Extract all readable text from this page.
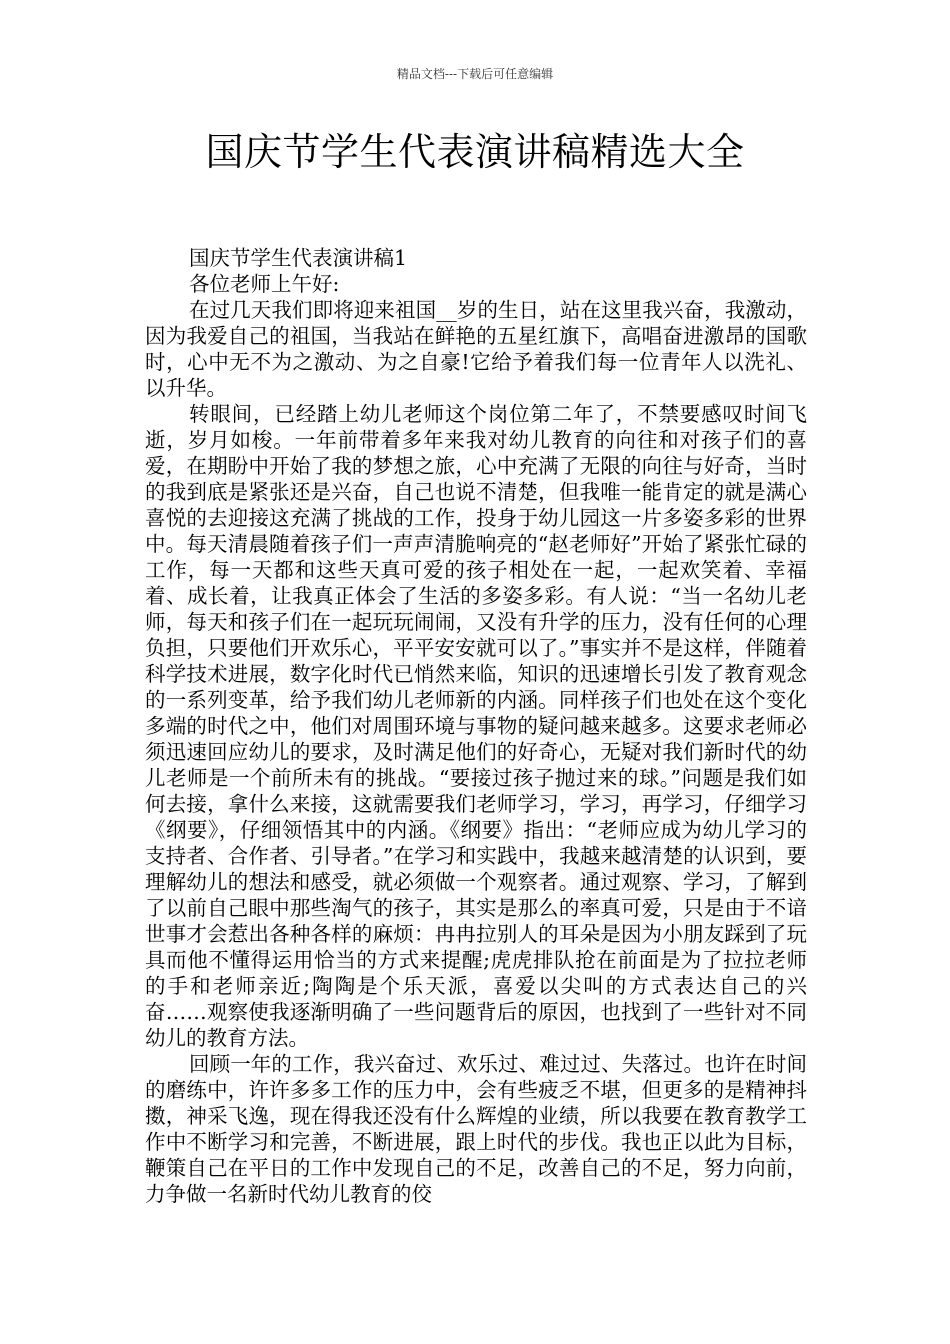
精品文档---下载后可任意编辑
国庆节学生代表演讲稿精选大全

国庆节学生代表演讲稿1

各位老师上午好:

在过几天我们即将迎来祖国__岁的生日，站在这里我兴奋，我激动，因为我爱自己的祖国，当我站在鲜艳的五星红旗下，高唱奋进激昂的国歌时，心中无不为之激动、为之自豪!它给予着我们每一位青年人以洗礼、以升华。

转眼间，已经踏上幼儿老师这个岗位第二年了，不禁要感叹时间飞逝，岁月如梭。一年前带着多年来我对幼儿教育的向往和对孩子们的喜爱，在期盼中开始了我的梦想之旅，心中充满了无限的向往与好奇，当时的我到底是紧张还是兴奋，自己也说不清楚，但我唯一能肯定的就是满心喜悦的去迎接这充满了挑战的工作，投身于幼儿园这一片多姿多彩的世界中。每天清晨随着孩子们一声声清脆响亮的“赵老师好”开始了紧张忙碌的工作，每一天都和这些天真可爱的孩子相处在一起，一起欢笑着、幸福着、成长着，让我真正体会了生活的多姿多彩。有人说：“当一名幼儿老师，每天和孩子们在一起玩玩闹闹，又没有升学的压力，没有任何的心理负担，只要他们开欢乐心，平平安安就可以了。”事实并不是这样，伴随着科学技术进展，数字化时代已悄然来临，知识的迅速增长引发了教育观念的一系列变革，给予我们幼儿老师新的内涵。同样孩子们也处在这个变化多端的时代之中，他们对周围环境与事物的疑问越来越多。这要求老师必须迅速回应幼儿的要求，及时满足他们的好奇心，无疑对我们新时代的幼儿老师是一个前所未有的挑战。“要接过孩子抛过来的球。”问题是我们如何去接，拿什么来接，这就需要我们老师学习，学习，再学习，仔细学习《纲要》，仔细领悟其中的内涵。《纲要》指出：“老师应成为幼儿学习的支持者、合作者、引导者。”在学习和实践中，我越来越清楚的认识到，要理解幼儿的想法和感受，就必须做一个观察者。通过观察、学习，了解到了以前自己眼中那些淘气的孩子，其实是那么的率真可爱，只是由于不谙世事才会惹出各种各样的麻烦：冉冉拉别人的耳朵是因为小朋友踩到了玩具而他不懂得运用恰当的方式来提醒;虎虎排队抢在前面是为了拉拉老师的手和老师亲近;陶陶是个乐天派，喜爱以尖叫的方式表达自己的兴奋……观察使我逐渐明确了一些问题背后的原因，也找到了一些针对不同幼儿的教育方法。

回顾一年的工作，我兴奋过、欢乐过、难过过、失落过。也许在时间的磨练中，许许多多工作的压力中，会有些疲乏不堪，但更多的是精神抖擞，神采飞逸，现在得我还没有什么辉煌的业绩，所以我要在教育教学工作中不断学习和完善，不断进展，跟上时代的步伐。我也正以此为目标，鞭策自己在平日的工作中发现自己的不足，改善自己的不足，努力向前，力争做一名新时代幼儿教育的佼
